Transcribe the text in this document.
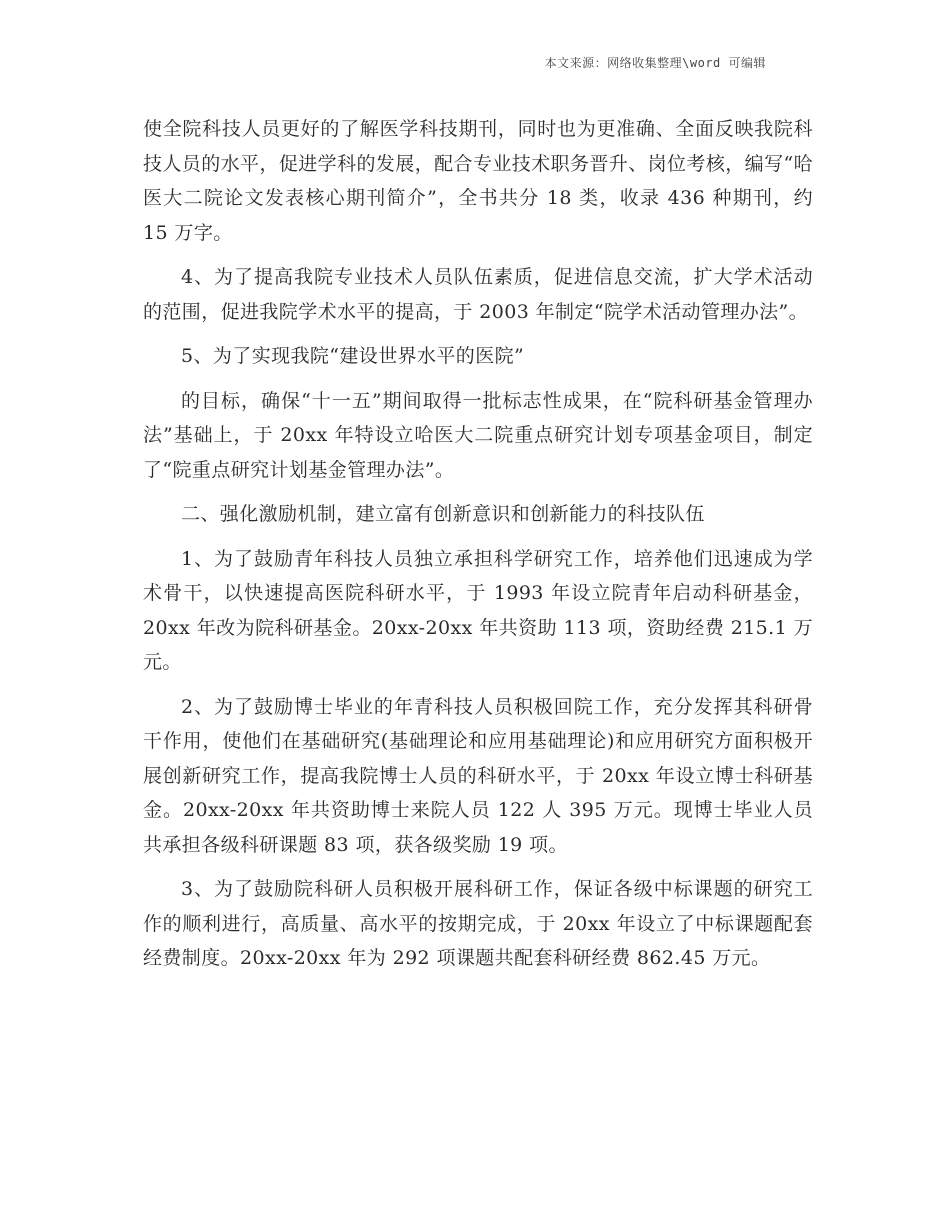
本文来源：网络收集整理\word 可编辑

使全院科技人员更好的了解医学科技期刊，同时也为更准确、全面反映我院科技人员的水平，促进学科的发展，配合专业技术职务晋升、岗位考核，编写“哈医大二院论文发表核心期刊简介”，全书共分 18 类，收录 436 种期刊，约 15 万字。

4、为了提高我院专业技术人员队伍素质，促进信息交流，扩大学术活动的范围，促进我院学术水平的提高，于 2003 年制定“院学术活动管理办法”。

5、为了实现我院“建设世界水平的医院”

的目标，确保“十一五”期间取得一批标志性成果，在“院科研基金管理办法”基础上，于 20xx 年特设立哈医大二院重点研究计划专项基金项目，制定了“院重点研究计划基金管理办法”。

二、强化激励机制，建立富有创新意识和创新能力的科技队伍

1、为了鼓励青年科技人员独立承担科学研究工作，培养他们迅速成为学术骨干，以快速提高医院科研水平，于 1993 年设立院青年启动科研基金，20xx 年改为院科研基金。20xx-20xx 年共资助 113 项，资助经费 215.1 万元。

2、为了鼓励博士毕业的年青科技人员积极回院工作，充分发挥其科研骨干作用，使他们在基础研究(基础理论和应用基础理论)和应用研究方面积极开展创新研究工作，提高我院博士人员的科研水平，于 20xx 年设立博士科研基金。20xx-20xx 年共资助博士来院人员 122 人 395 万元。现博士毕业人员共承担各级科研课题 83 项，获各级奖励 19 项。

3、为了鼓励院科研人员积极开展科研工作，保证各级中标课题的研究工作的顺利进行，高质量、高水平的按期完成，于 20xx 年设立了中标课题配套经费制度。20xx-20xx 年为 292 项课题共配套科研经费 862.45 万元。
